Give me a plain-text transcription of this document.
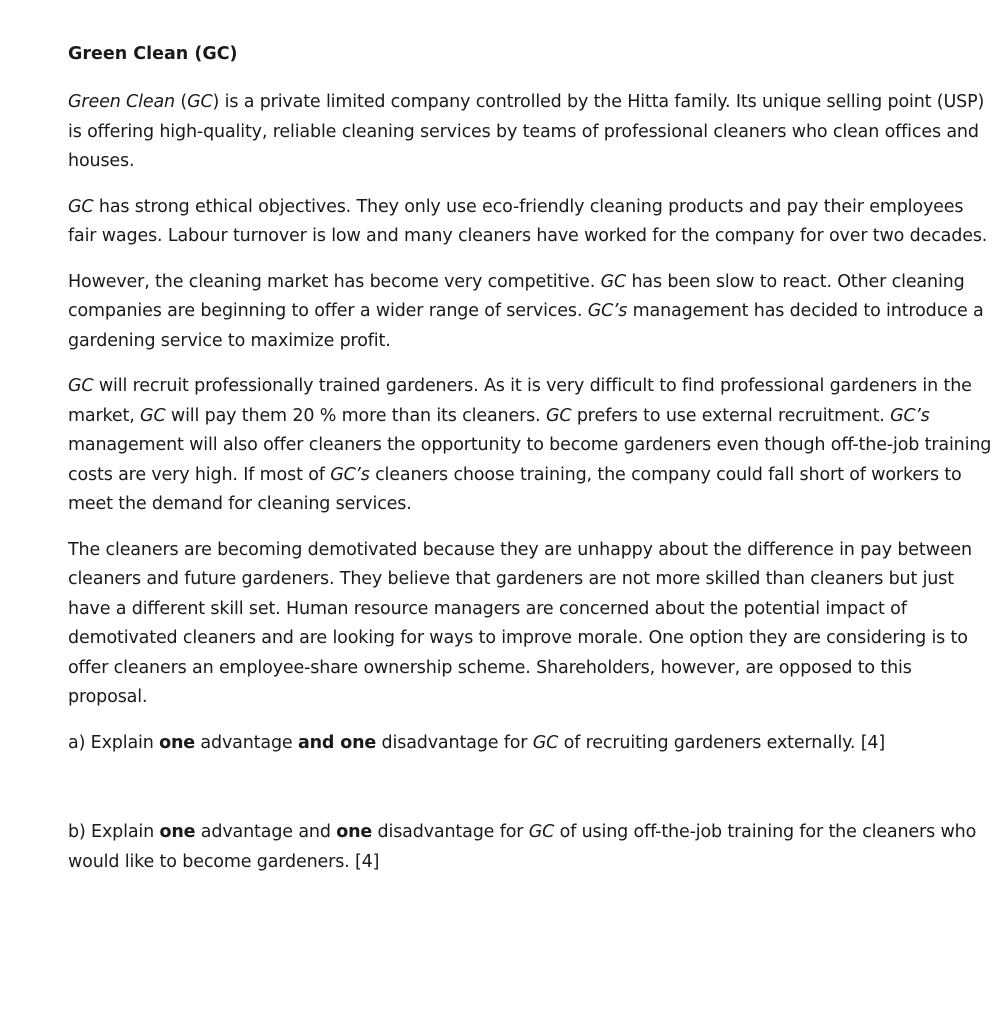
Green Clean (GC)

Green Clean (GC) is a private limited company controlled by the Hitta family. Its unique selling point (USP) is offering high-quality, reliable cleaning services by teams of professional cleaners who clean offices and houses.

GC has strong ethical objectives. They only use eco-friendly cleaning products and pay their employees fair wages. Labour turnover is low and many cleaners have worked for the company for over two decades.

However, the cleaning market has become very competitive. GC has been slow to react. Other cleaning companies are beginning to offer a wider range of services. GC’s management has decided to introduce a gardening service to maximize profit.

GC will recruit professionally trained gardeners. As it is very difficult to find professional gardeners in the market, GC will pay them 20 % more than its cleaners. GC prefers to use external recruitment. GC’s management will also offer cleaners the opportunity to become gardeners even though off-the-job training costs are very high. If most of GC’s cleaners choose training, the company could fall short of workers to meet the demand for cleaning services.

The cleaners are becoming demotivated because they are unhappy about the difference in pay between cleaners and future gardeners. They believe that gardeners are not more skilled than cleaners but just have a different skill set. Human resource managers are concerned about the potential impact of demotivated cleaners and are looking for ways to improve morale. One option they are considering is to offer cleaners an employee-share ownership scheme. Shareholders, however, are opposed to this proposal.

a) Explain one advantage and one disadvantage for GC of recruiting gardeners externally. [4]

b) Explain one advantage and one disadvantage for GC of using off-the-job training for the cleaners who would like to become gardeners. [4]
